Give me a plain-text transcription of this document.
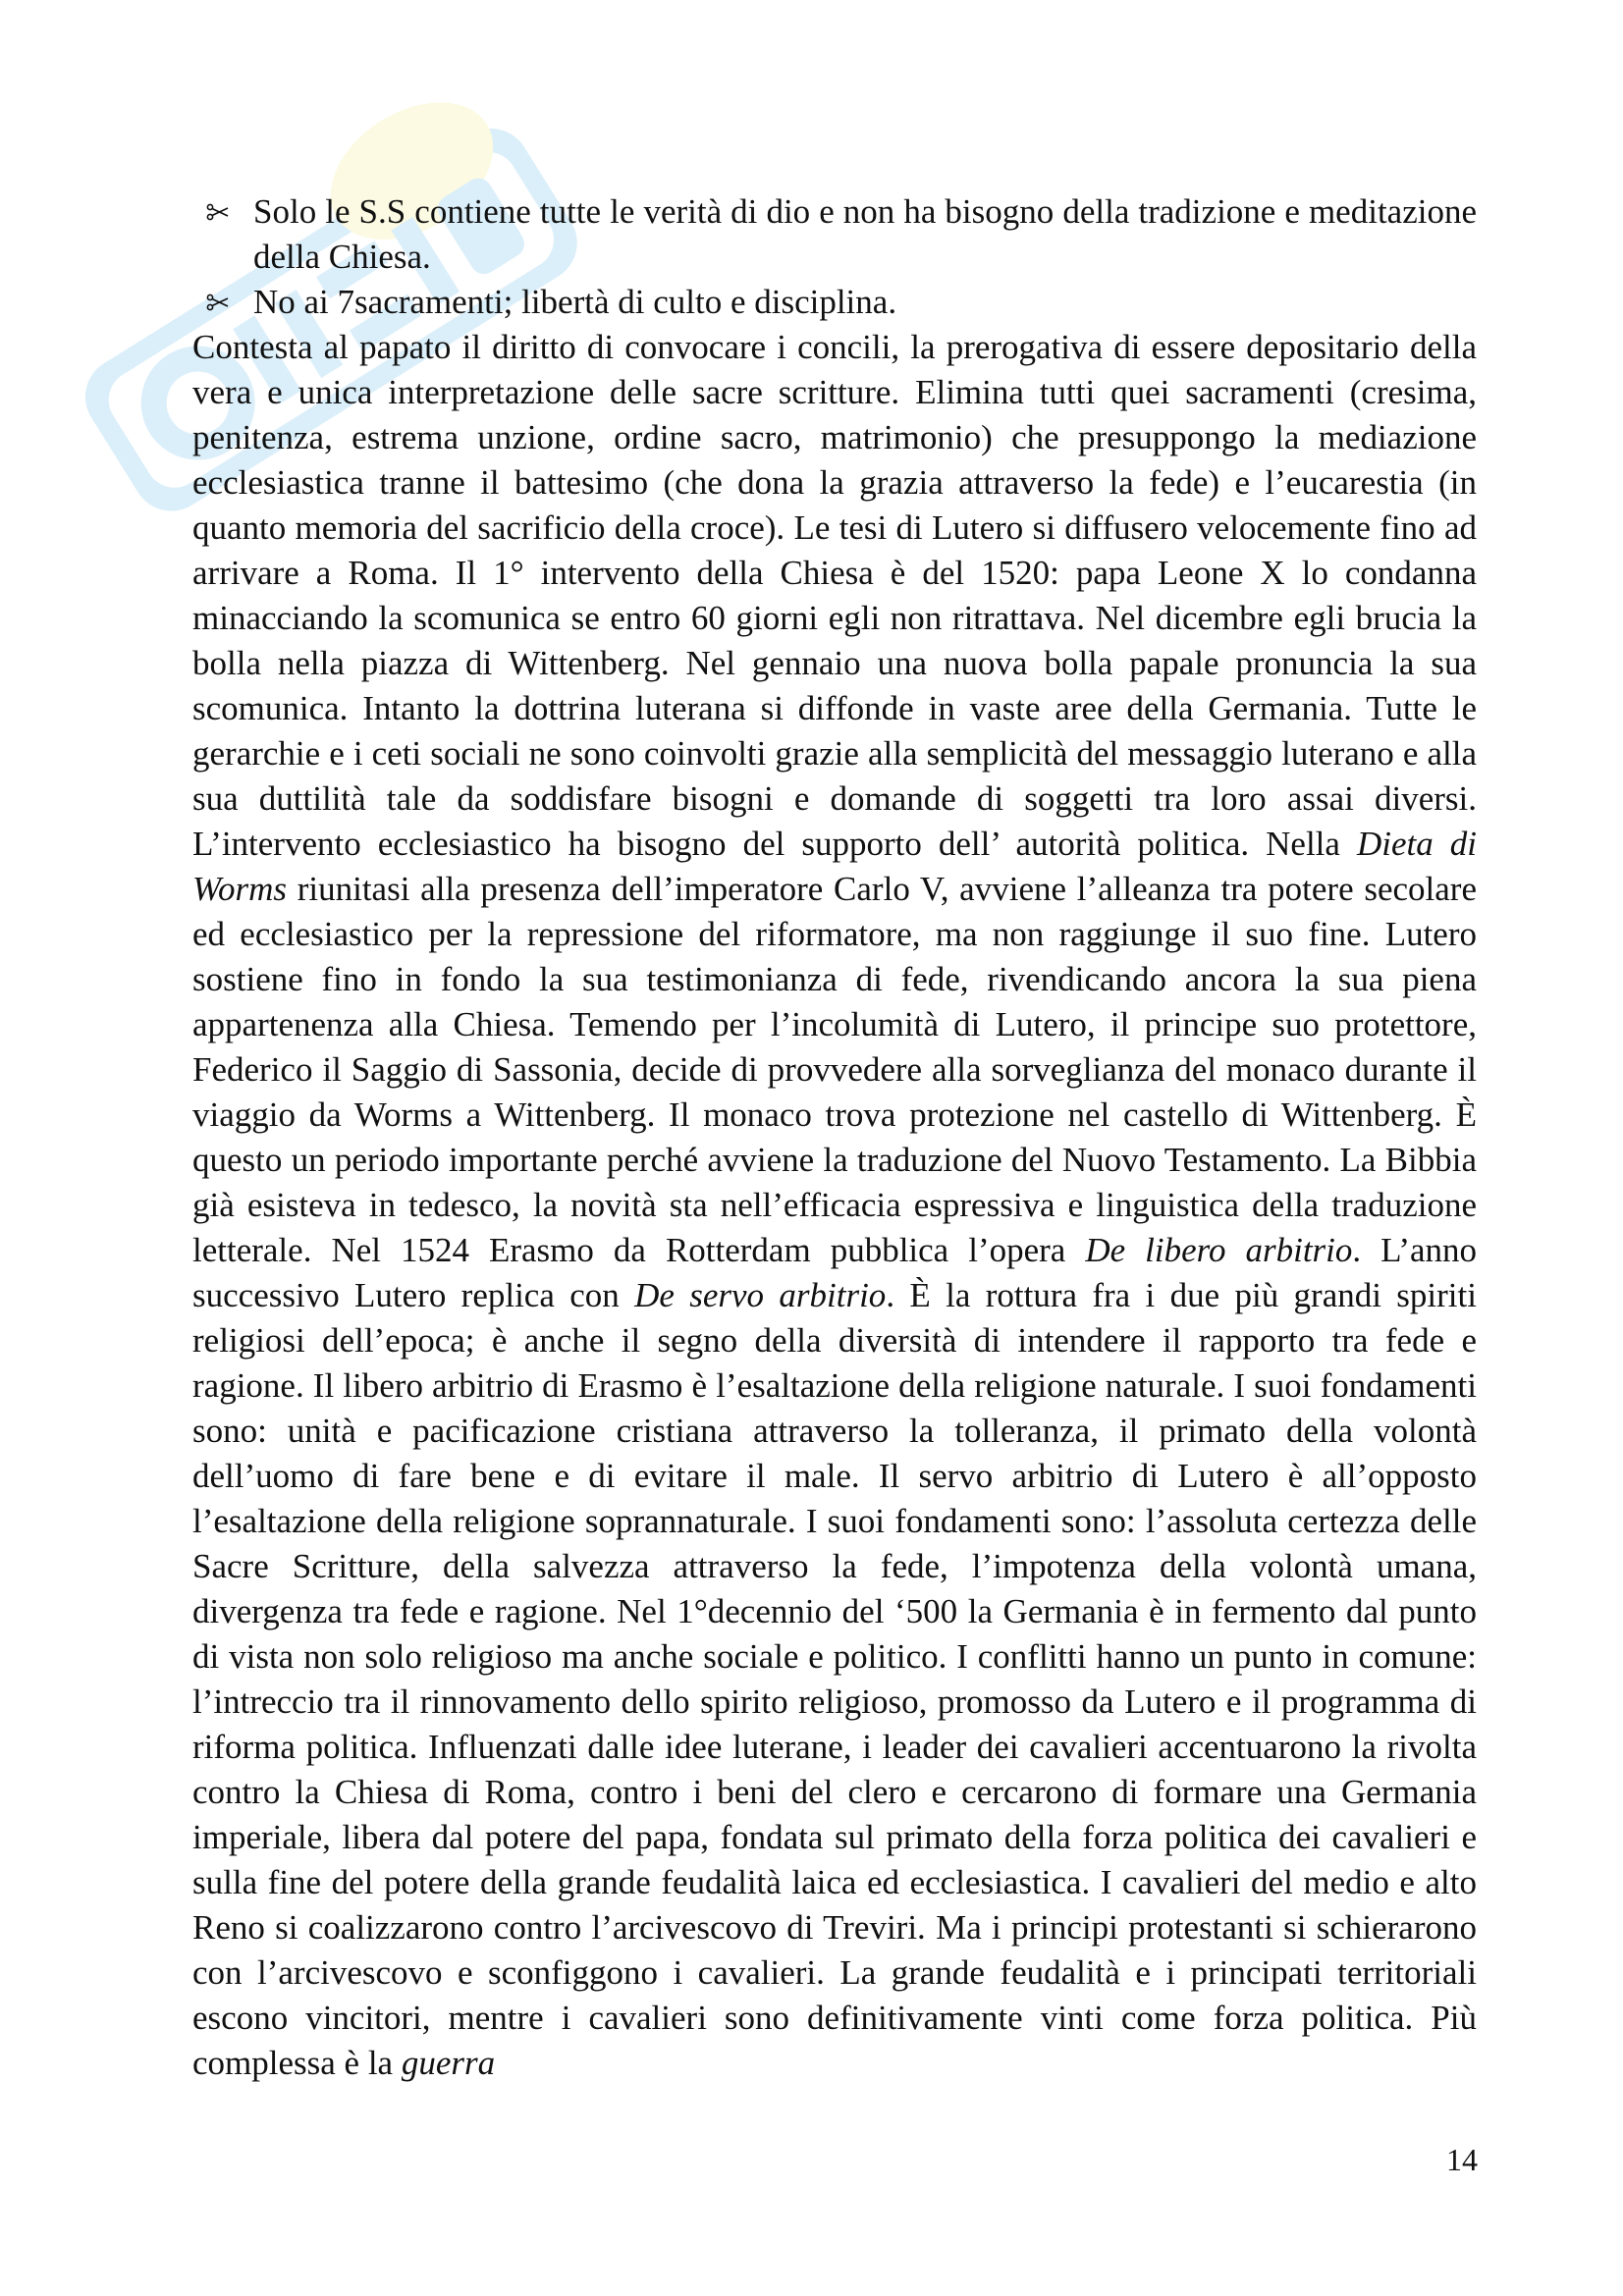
Solo le S.S contiene tutte le verità di dio e non ha bisogno della tradizione e meditazione della Chiesa.
No ai 7sacramenti; libertà di culto e disciplina.

Contesta al papato il diritto di convocare i concili, la prerogativa di essere depositario della vera e unica interpretazione delle sacre scritture. Elimina tutti quei sacramenti (cresima, penitenza, estrema unzione, ordine sacro, matrimonio) che presuppongo la mediazione ecclesiastica tranne il battesimo (che dona la grazia attraverso la fede) e l’eucarestia (in quanto memoria del sacrificio della croce). Le tesi di Lutero si diffusero velocemente fino ad arrivare a Roma. Il 1° intervento della Chiesa è del 1520: papa Leone X lo condanna minacciando la scomunica se entro 60 giorni egli non ritrattava. Nel dicembre egli brucia la bolla nella piazza di Wittenberg. Nel gennaio una nuova bolla papale pronuncia la sua scomunica. Intanto la dottrina luterana si diffonde in vaste aree della Germania. Tutte le gerarchie e i ceti sociali ne sono coinvolti grazie alla semplicità del messaggio luterano e alla sua duttilità tale da soddisfare bisogni e domande di soggetti tra loro assai diversi. L’intervento ecclesiastico ha bisogno del supporto dell’ autorità politica. Nella Dieta di Worms riunitasi alla presenza dell’imperatore Carlo V, avviene l’alleanza tra potere secolare ed ecclesiastico per la repressione del riformatore, ma non raggiunge il suo fine. Lutero sostiene fino in fondo la sua testimonianza di fede, rivendicando ancora la sua piena appartenenza alla Chiesa. Temendo per l’incolumità di Lutero, il principe suo protettore, Federico il Saggio di Sassonia, decide di provvedere alla sorveglianza del monaco durante il viaggio da Worms a Wittenberg. Il monaco trova protezione nel castello di Wittenberg. È questo un periodo importante perché avviene la traduzione del Nuovo Testamento. La Bibbia già esisteva in tedesco, la novità sta nell’efficacia espressiva e linguistica della traduzione letterale. Nel 1524 Erasmo da Rotterdam pubblica l’opera De libero arbitrio. L’anno successivo Lutero replica con De servo arbitrio. È la rottura fra i due più grandi spiriti religiosi dell’epoca; è anche il segno della diversità di intendere il rapporto tra fede e ragione. Il libero arbitrio di Erasmo è l’esaltazione della religione naturale. I suoi fondamenti sono: unità e pacificazione cristiana attraverso la tolleranza, il primato della volontà dell’uomo di fare bene e di evitare il male. Il servo arbitrio di Lutero è all’opposto l’esaltazione della religione soprannaturale. I suoi fondamenti sono: l’assoluta certezza delle Sacre Scritture, della salvezza attraverso la fede, l’impotenza della volontà umana, divergenza tra fede e ragione. Nel 1°decennio del ‘500 la Germania è in fermento dal punto di vista non solo religioso ma anche sociale e politico. I conflitti hanno un punto in comune: l’intreccio tra il rinnovamento dello spirito religioso, promosso da Lutero e il programma di riforma politica. Influenzati dalle idee luterane, i leader dei cavalieri accentuarono la rivolta contro la Chiesa di Roma, contro i beni del clero e cercarono di formare una Germania imperiale, libera dal potere del papa, fondata sul primato della forza politica dei cavalieri e sulla fine del potere della grande feudalità laica ed ecclesiastica. I cavalieri del medio e alto Reno si coalizzarono contro l’arcivescovo di Treviri. Ma i principi protestanti si schierarono con l’arcivescovo e sconfiggono i cavalieri. La grande feudalità e i principati territoriali escono vincitori, mentre i cavalieri sono definitivamente vinti come forza politica. Più complessa è la guerra

14
